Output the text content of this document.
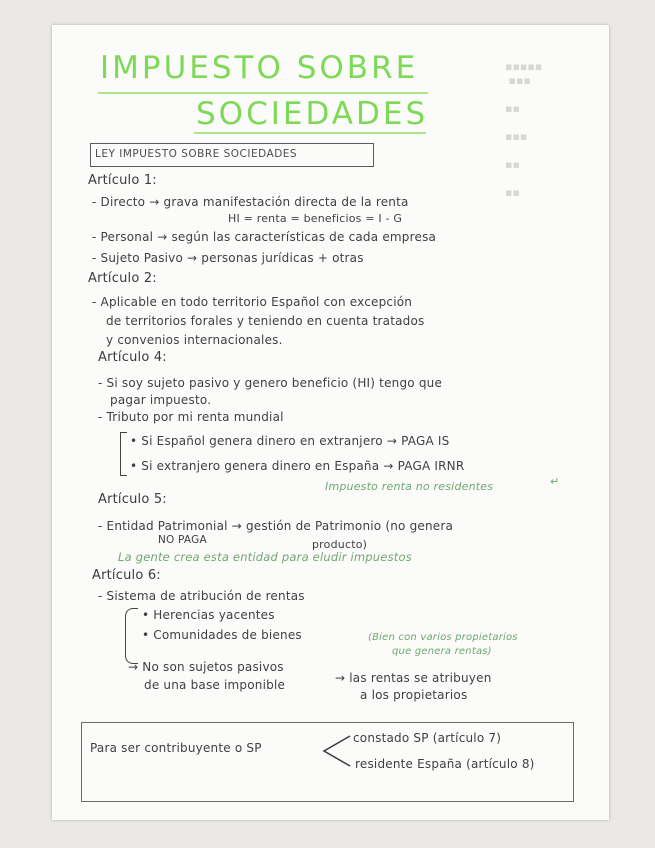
▪▪▪▪▪
▪▪▪

▪▪

▪▪▪

▪▪

▪▪
IMPUESTO SOBRE
SOCIEDADES
LEY IMPUESTO SOBRE SOCIEDADES
Artículo 1:
- Directo → grava manifestación directa de la renta
HI = renta = beneficios = I - G
- Personal → según las características de cada empresa
- Sujeto Pasivo → personas jurídicas + otras
Artículo 2:
- Aplicable en todo territorio Español con excepción
de territorios forales y teniendo en cuenta tratados
y convenios internacionales.
Artículo 4:
- Si soy sujeto pasivo y genero beneficio (HI) tengo que
pagar impuesto.
- Tributo por mi renta mundial
• Si Español genera dinero en extranjero → PAGA IS
• Si extranjero genera dinero en España → PAGA IRNR
Impuesto renta no residentes	↵
Artículo 5:
- Entidad Patrimonial → gestión de Patrimonio (no genera
NO PAGA	producto)
La gente crea esta entidad para eludir impuestos
Artículo 6:
- Sistema de atribución de rentas
• Herencias yacentes
• Comunidades de bienes	(Bien con varios propietarios
que genera rentas)
→ No son sujetos pasivos
de una base imponible	→ las rentas se atribuyen
a los propietarios
Para ser contribuyente o SP
constado SP (artículo 7)
residente España (artículo 8)
